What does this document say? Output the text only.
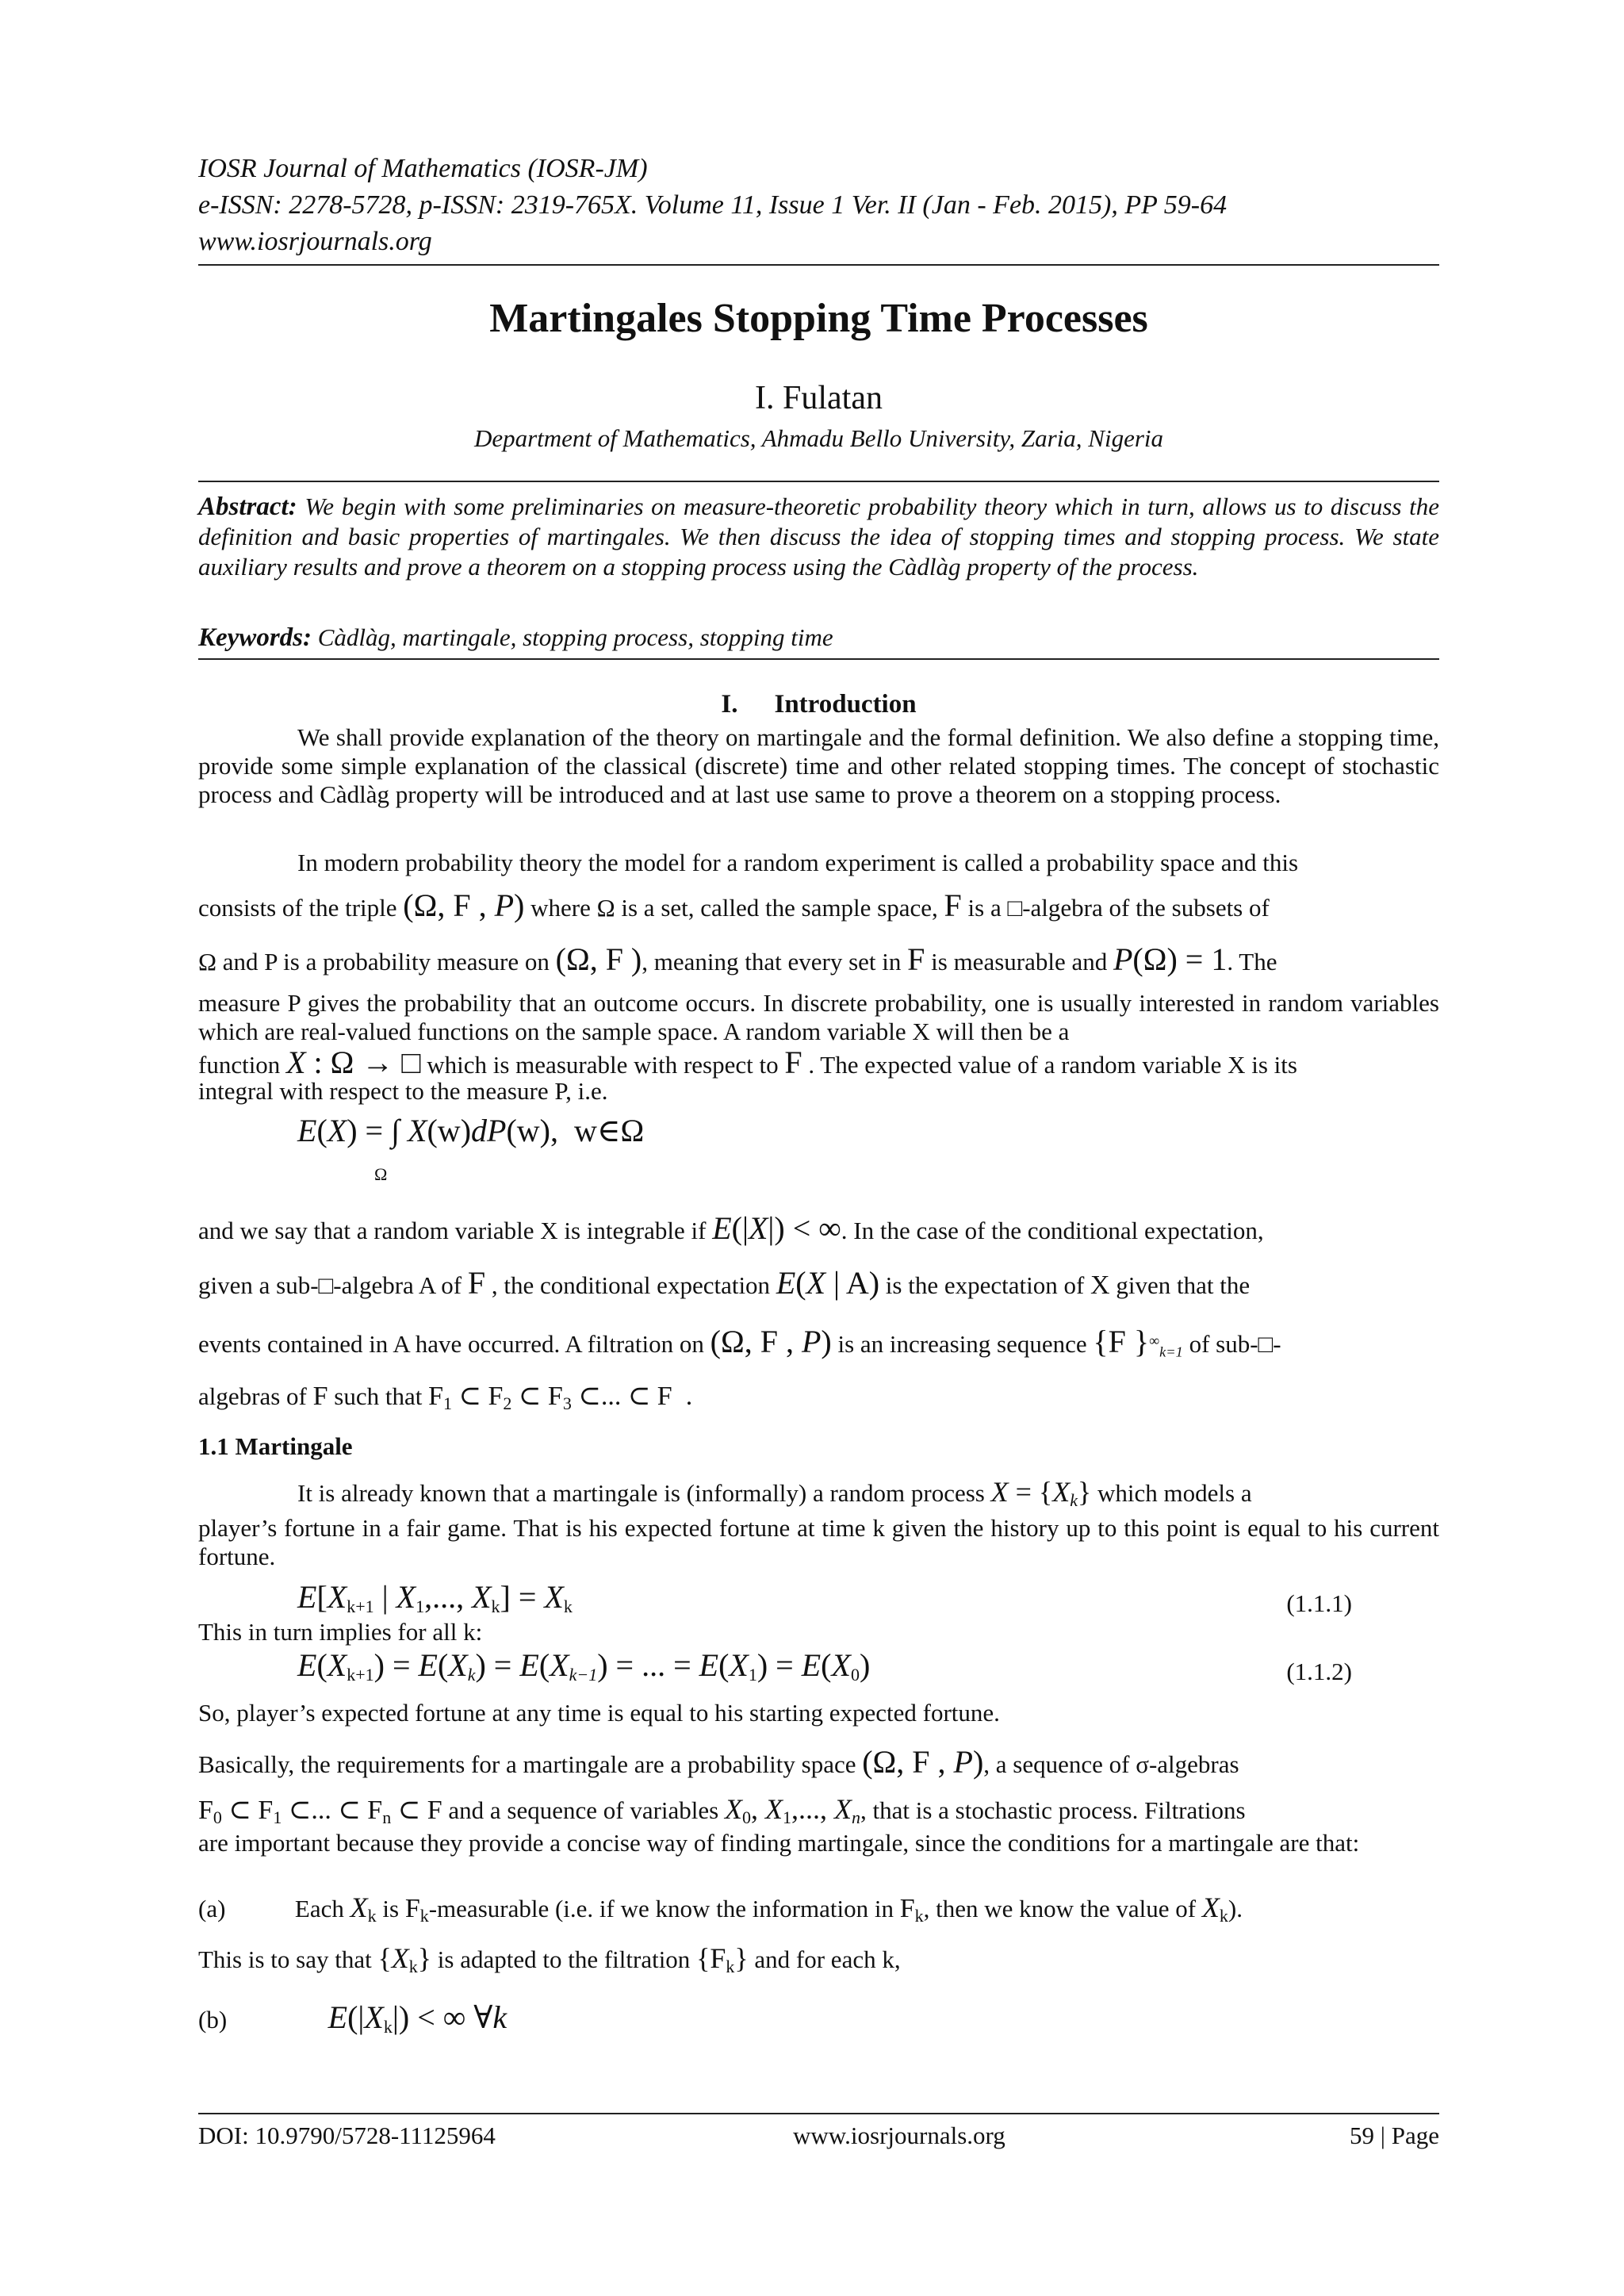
IOSR Journal of Mathematics (IOSR-JM)
e-ISSN: 2278-5728, p-ISSN: 2319-765X. Volume 11, Issue 1 Ver. II (Jan - Feb. 2015), PP 59-64
www.iosrjournals.org
Martingales Stopping Time Processes
I. Fulatan
Department of Mathematics, Ahmadu Bello University, Zaria, Nigeria
Abstract: We begin with some preliminaries on measure-theoretic probability theory which in turn, allows us to discuss the definition and basic properties of martingales. We then discuss the idea of stopping times and stopping process. We state auxiliary results and prove a theorem on a stopping process using the Càdlàg property of the process.
Keywords: Càdlàg, martingale, stopping process, stopping time
I. Introduction
We shall provide explanation of the theory on martingale and the formal definition. We also define a stopping time, provide some simple explanation of the classical (discrete) time and other related stopping times. The concept of stochastic process and Càdlàg property will be introduced and at last use same to prove a theorem on a stopping process.
In modern probability theory the model for a random experiment is called a probability space and this
consists of the triple (Ω, F , P) where Ω is a set, called the sample space, F is a □-algebra of the subsets of
Ω and P is a probability measure on (Ω, F ), meaning that every set in F is measurable and P(Ω) = 1. The
measure P gives the probability that an outcome occurs. In discrete probability, one is usually interested in random variables which are real-valued functions on the sample space. A random variable X will then be a
function X : Ω → □ which is measurable with respect to F . The expected value of a random variable X is its
integral with respect to the measure P, i.e.
E(X) = ∫ X(w)dP(w),  w∈Ω
Ω
and we say that a random variable X is integrable if E(|X|) < ∞. In the case of the conditional expectation,
given a sub-□-algebra A of F , the conditional expectation E(X | A) is the expectation of X given that the
events contained in A have occurred. A filtration on (Ω, F , P) is an increasing sequence {F }$^\infty_{k=1}$ of sub-□-
algebras of F such that $F_1$ ⊂ $F_2$ ⊂ $F_3$ ⊂... ⊂ F  .
1.1 Martingale
It is already known that a martingale is (informally) a random process X = {Xk} which models a
player’s fortune in a fair game. That is his expected fortune at time k given the history up to this point is equal to his current fortune.
$E[X_{k+1}$ | $X_1$,..., $X_k] = X_k$	(1.1.1)
This in turn implies for all k:
$E(X_{k+1}) = E(Xk) = E(Xk-1)$ = ... = $E(X_1) = E(X_0)$	(1.1.2)
So, player’s expected fortune at any time is equal to his starting expected fortune.
Basically, the requirements for a martingale are a probability space (Ω, F , P), a sequence of σ-algebras
$F_0$ ⊂ $F_1$ ⊂... ⊂ $F_n$ ⊂ F and a sequence of variables $X_0$, $X_1$,..., Xn, that is a stochastic process. Filtrations
are important because they provide a concise way of finding martingale, since the conditions for a martingale are that:
(a)	Each $X_k$ is $F_k$-measurable (i.e. if we know the information in $F_k$, then we know the value of $X_k$).
This is to say that $\{X_k\}$ is adapted to the filtration $\{F_k\}$ and for each k,
(b)	$E(|X_k|)$ < ∞ ∀k
DOI: 10.9790/5728-11125964	www.iosrjournals.org	59 | Page
